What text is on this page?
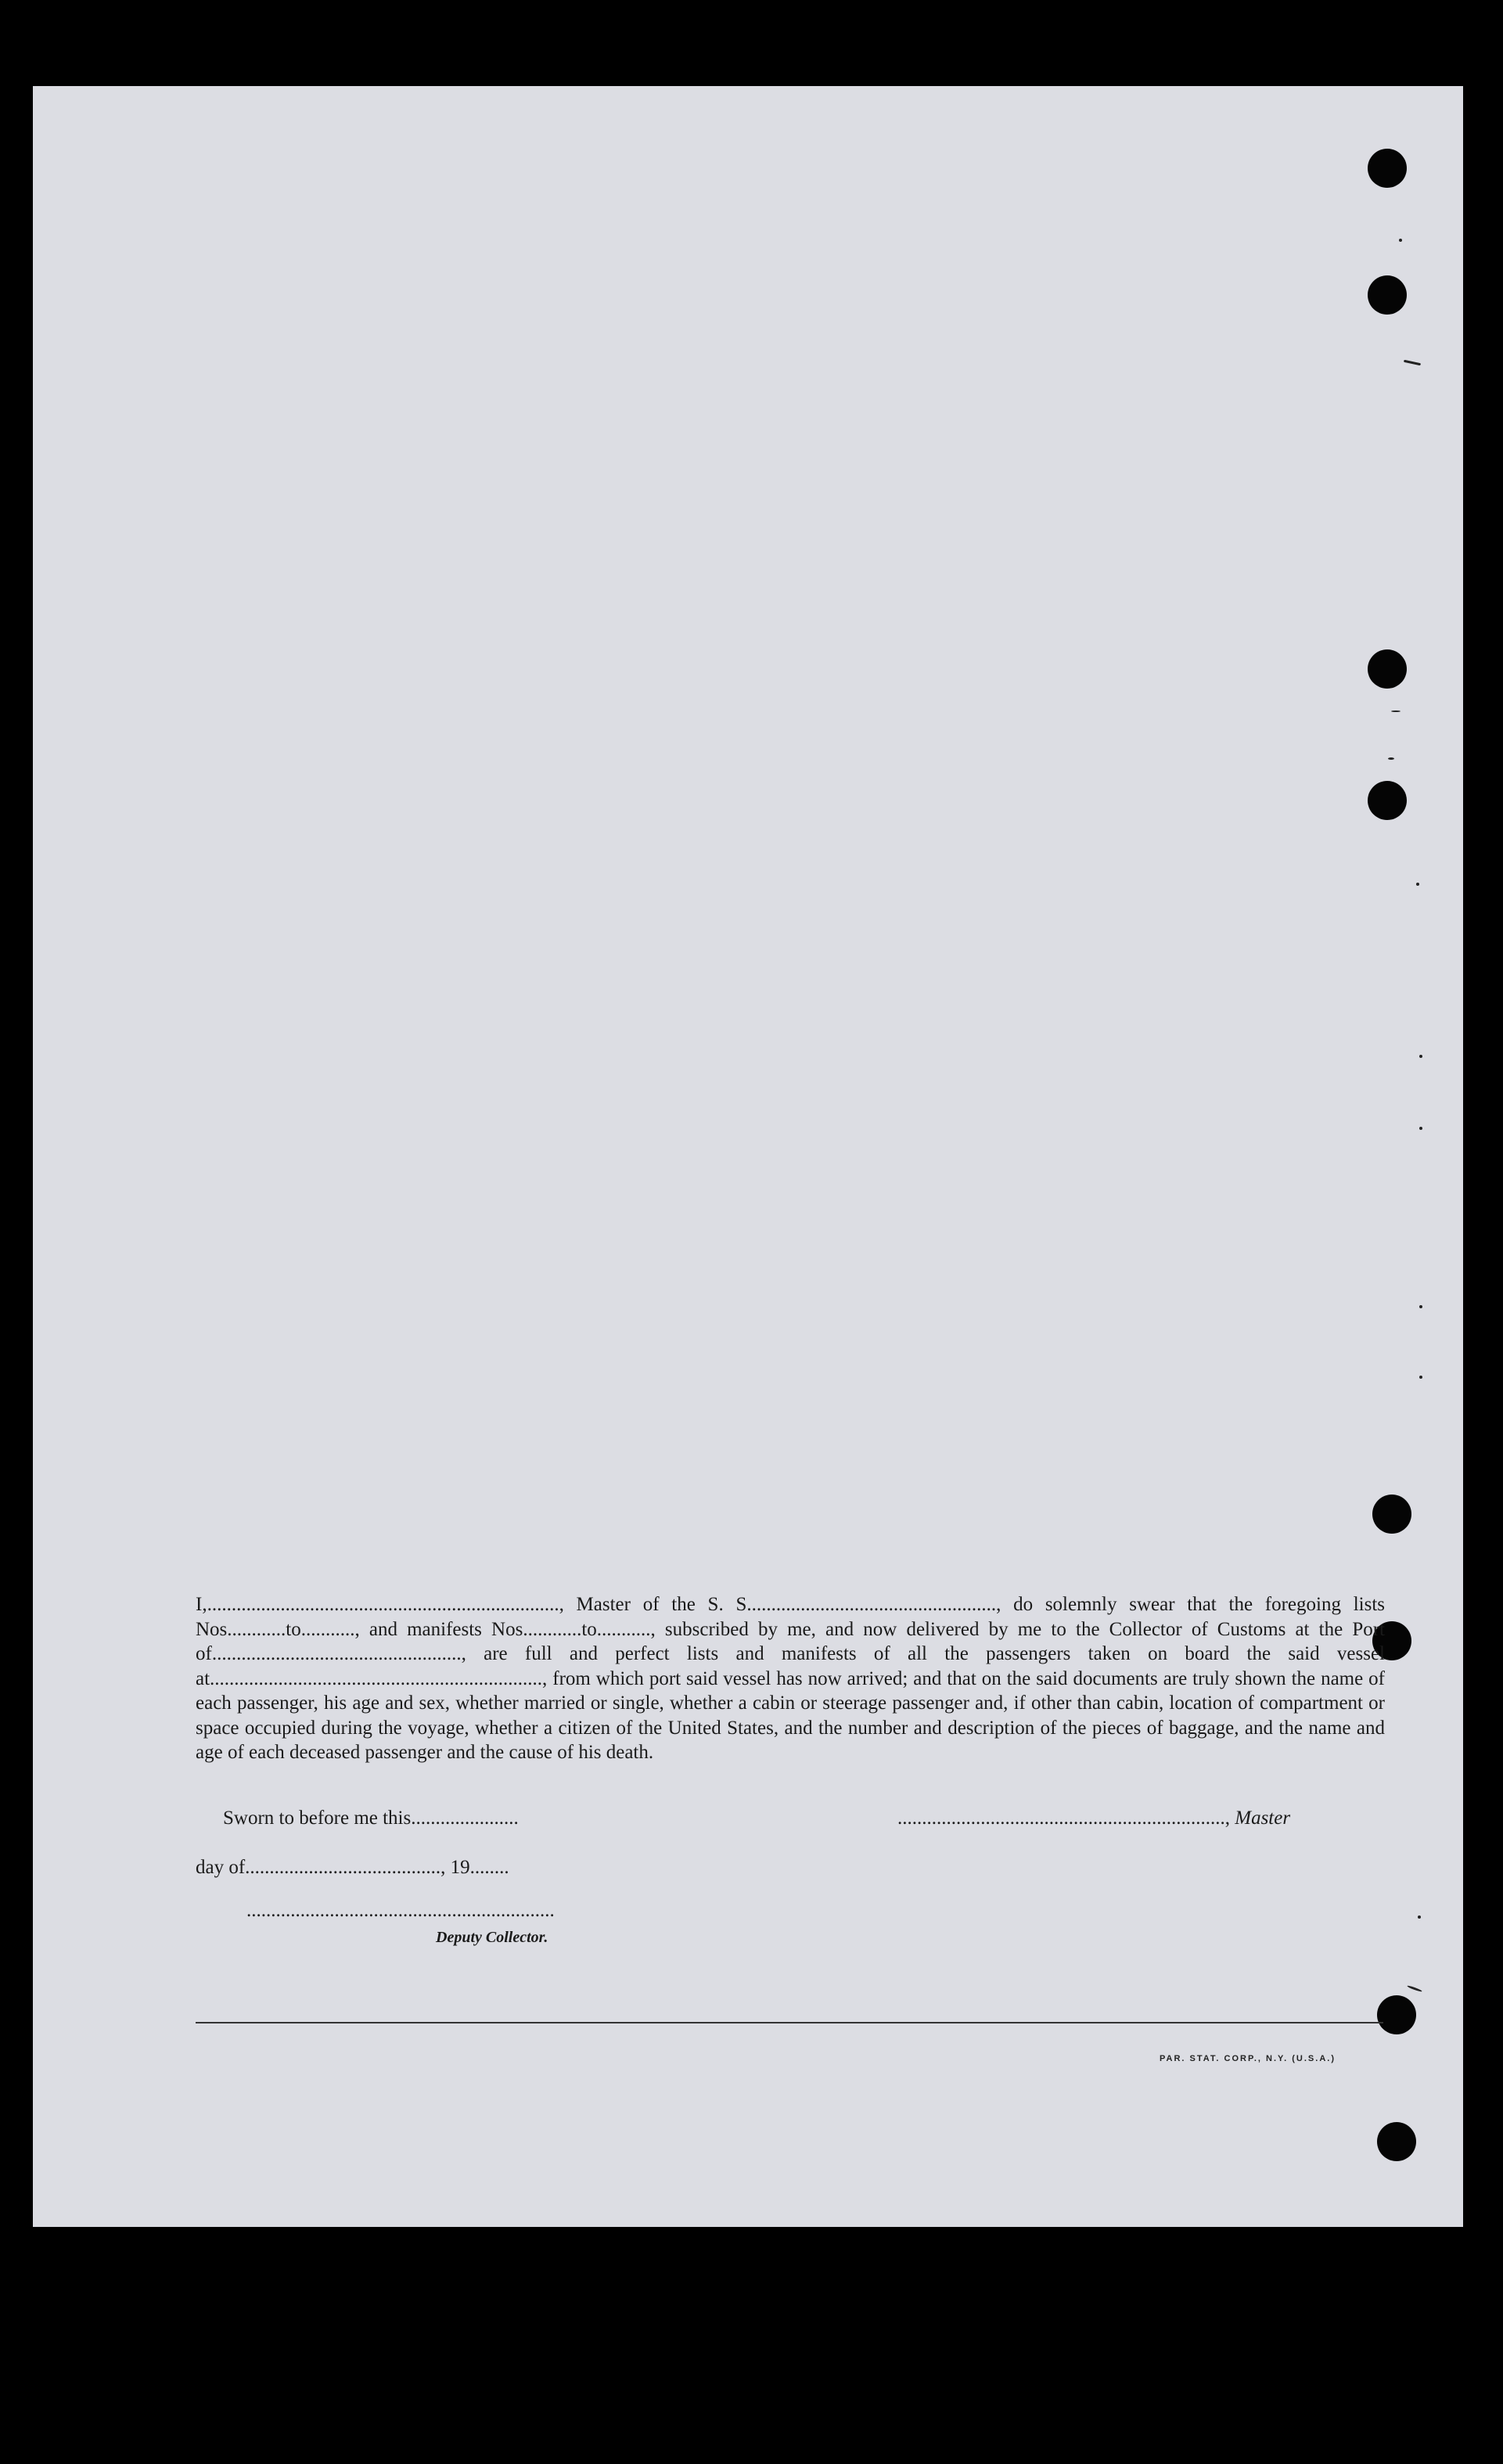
I,........................................................................, Master of the S. S..................................................., do solemnly swear that the foregoing lists Nos............to..........., and manifests Nos............to..........., subscribed by me, and now delivered by me to the Collector of Customs at the Port of..................................................., are full and perfect lists and manifests of all the passengers taken on board the said vessel at...................................................................., from which port said vessel has now arrived; and that on the said documents are truly shown the name of each passenger, his age and sex, whether married or single, whether a cabin or steerage passenger and, if other than cabin, location of compartment or space occupied during the voyage, whether a citizen of the United States, and the number and description of the pieces of baggage, and the name and age of each deceased passenger and the cause of his death.
Sworn to before me this......................	..................................................................., Master
day of........................................, 19........
...............................................................
Deputy Collector.
PAR. STAT. CORP., N.Y. (U.S.A.)
